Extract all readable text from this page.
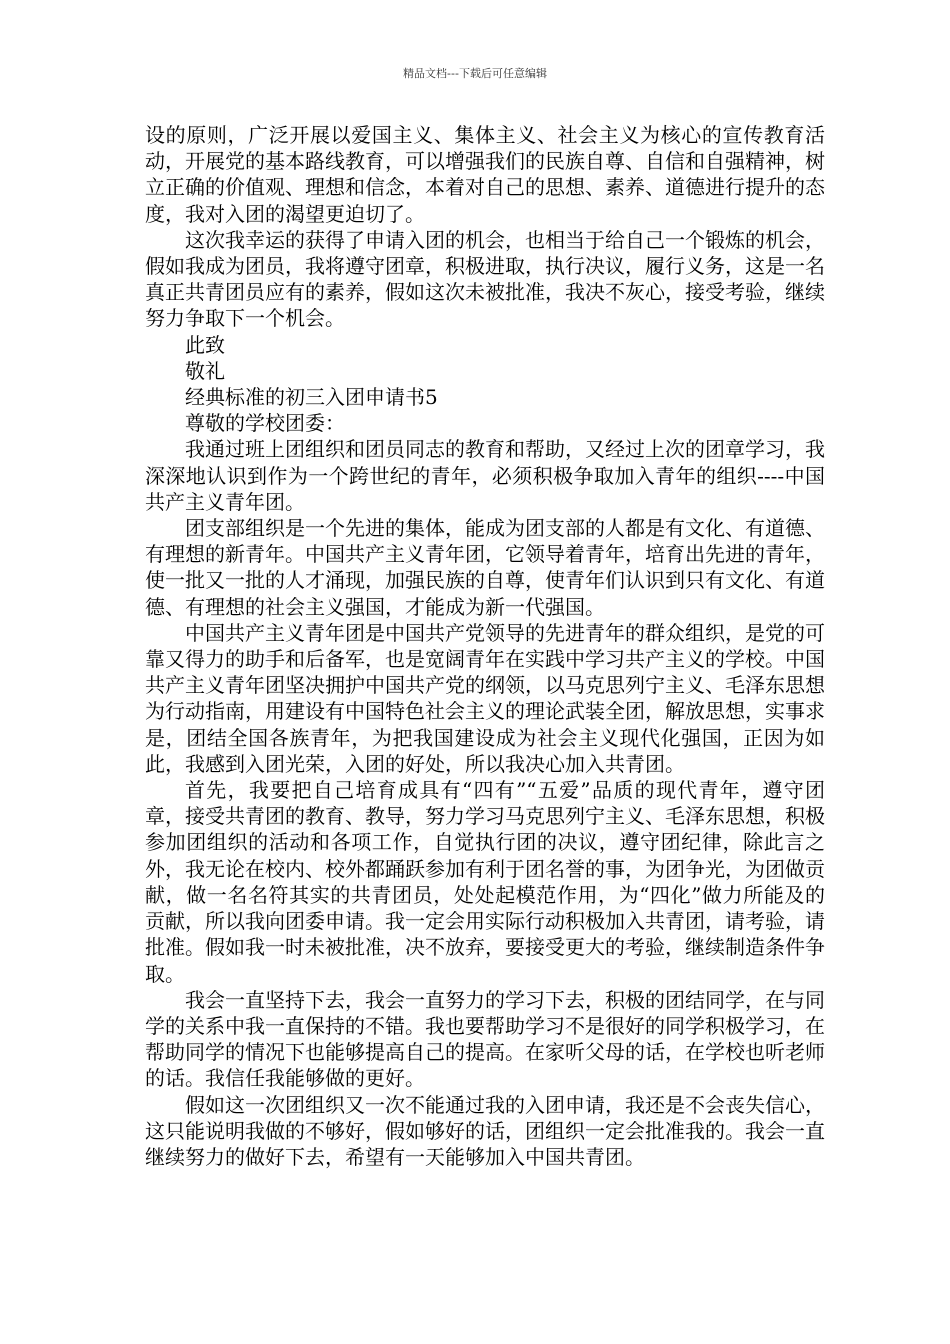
精品文档---下载后可任意编辑

设的原则，广泛开展以爱国主义、集体主义、社会主义为核心的宣传教育活动，开展党的基本路线教育，可以增强我们的民族自尊、自信和自强精神，树立正确的价值观、理想和信念，本着对自己的思想、素养、道德进行提升的态度，我对入团的渴望更迫切了。

这次我幸运的获得了申请入团的机会，也相当于给自己一个锻炼的机会，假如我成为团员，我将遵守团章，积极进取，执行决议，履行义务，这是一名真正共青团员应有的素养，假如这次未被批准，我决不灰心，接受考验，继续努力争取下一个机会。

此致

敬礼

经典标准的初三入团申请书5

尊敬的学校团委：

我通过班上团组织和团员同志的教育和帮助，又经过上次的团章学习，我深深地认识到作为一个跨世纪的青年，必须积极争取加入青年的组织----中国共产主义青年团。

团支部组织是一个先进的集体，能成为团支部的人都是有文化、有道德、有理想的新青年。中国共产主义青年团，它领导着青年，培育出先进的青年，使一批又一批的人才涌现，加强民族的自尊，使青年们认识到只有文化、有道德、有理想的社会主义强国，才能成为新一代强国。

中国共产主义青年团是中国共产党领导的先进青年的群众组织，是党的可靠又得力的助手和后备军，也是宽阔青年在实践中学习共产主义的学校。中国共产主义青年团坚决拥护中国共产党的纲领，以马克思列宁主义、毛泽东思想为行动指南，用建设有中国特色社会主义的理论武装全团，解放思想，实事求是，团结全国各族青年，为把我国建设成为社会主义现代化强国，正因为如此，我感到入团光荣，入团的好处，所以我决心加入共青团。

首先，我要把自己培育成具有“四有”“五爱”品质的现代青年，遵守团章，接受共青团的教育、教导，努力学习马克思列宁主义、毛泽东思想，积极参加团组织的活动和各项工作，自觉执行团的决议，遵守团纪律，除此言之外，我无论在校内、校外都踊跃参加有利于团名誉的事，为团争光，为团做贡献，做一名名符其实的共青团员，处处起模范作用，为“四化”做力所能及的贡献，所以我向团委申请。我一定会用实际行动积极加入共青团，请考验，请批准。假如我一时未被批准，决不放弃，要接受更大的考验，继续制造条件争取。

我会一直坚持下去，我会一直努力的学习下去，积极的团结同学，在与同学的关系中我一直保持的不错。我也要帮助学习不是很好的同学积极学习，在帮助同学的情况下也能够提高自己的提高。在家听父母的话，在学校也听老师的话。我信任我能够做的更好。

假如这一次团组织又一次不能通过我的入团申请，我还是不会丧失信心，这只能说明我做的不够好，假如够好的话，团组织一定会批准我的。我会一直继续努力的做好下去，希望有一天能够加入中国共青团。
